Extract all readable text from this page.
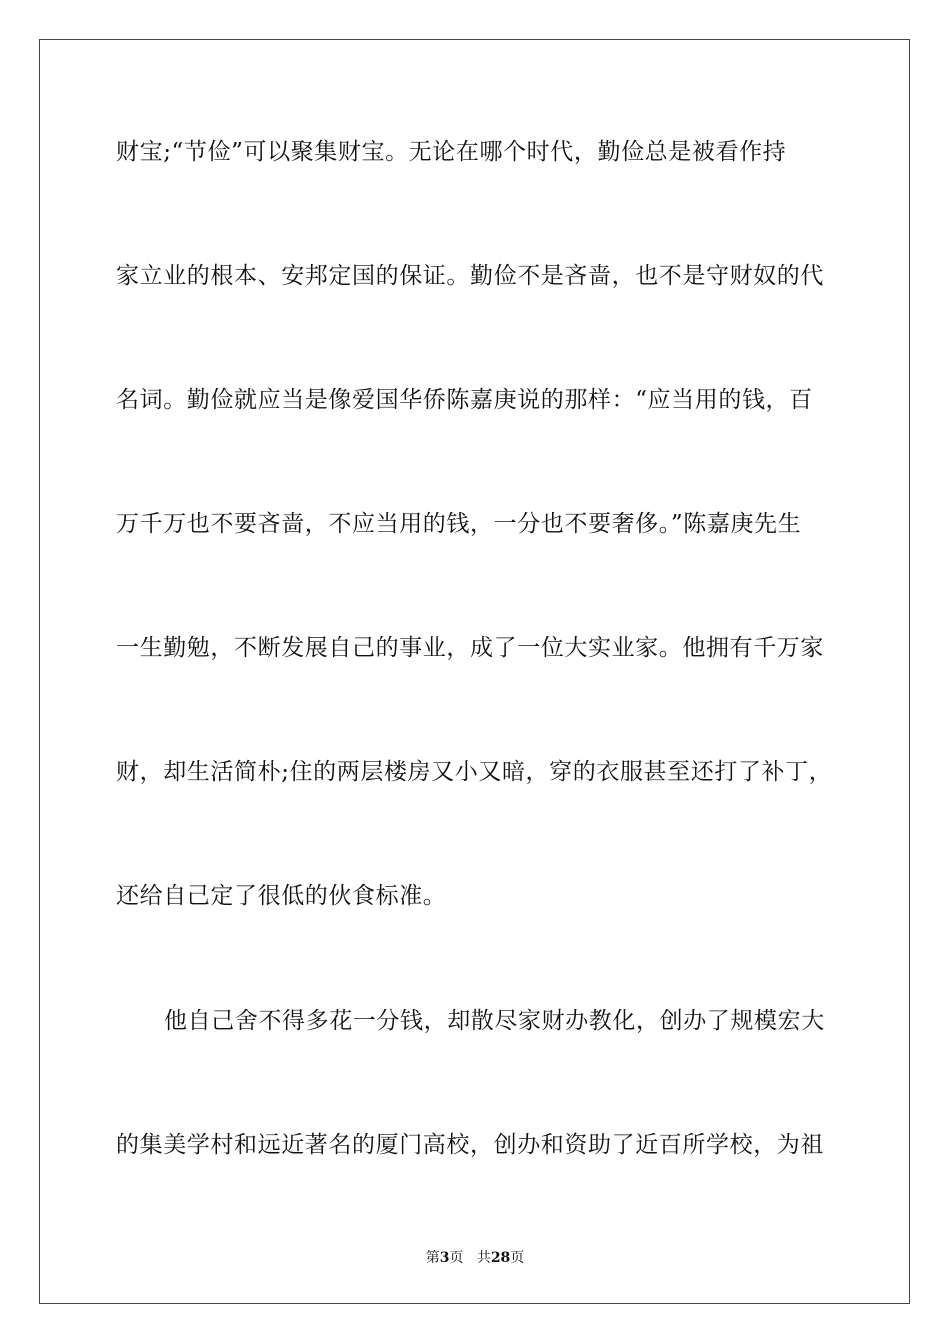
财宝;“节俭”可以聚集财宝。无论在哪个时代，勤俭总是被看作持
家立业的根本、安邦定国的保证。勤俭不是吝啬，也不是守财奴的代
名词。勤俭就应当是像爱国华侨陈嘉庚说的那样：“应当用的钱，百
万千万也不要吝啬，不应当用的钱，一分也不要奢侈。”陈嘉庚先生
一生勤勉，不断发展自己的事业，成了一位大实业家。他拥有千万家
财，却生活简朴;住的两层楼房又小又暗，穿的衣服甚至还打了补丁，
还给自己定了很低的伙食标准。
他自己舍不得多花一分钱，却散尽家财办教化，创办了规模宏大
的集美学村和远近著名的厦门高校，创办和资助了近百所学校，为祖
第3页 共28页
